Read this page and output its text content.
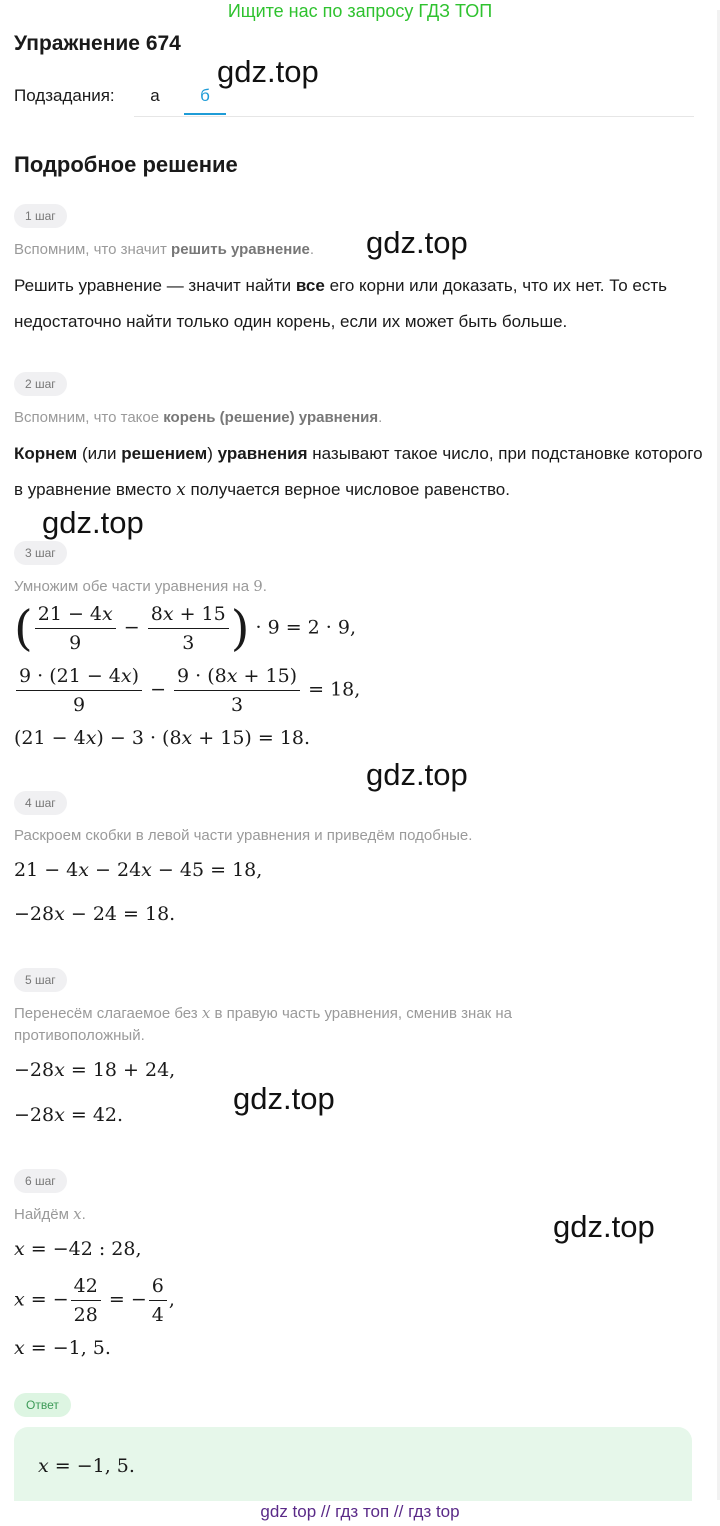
Ищите нас по запросу ГДЗ ТОП
Упражнение 674
Подзадания:	а	б
Подробное решение
1 шаг
Вспомним, что значит решить уравнение.
Решить уравнение — значит найти все его корни или доказать, что их нет. То есть недостаточно найти только один корень, если их может быть больше.
2 шаг
Вспомним, что такое корень (решение) уравнения.
Корнем (или решением) уравнения называют такое число, при подстановке которого в уравнение вместо x получается верное числовое равенство.
3 шаг
Умножим обе части уравнения на 9.
( $\frac{21 - 4x}{9} - \frac{8x + 15}{3}$ ) · 9 = 2 · 9,
$\frac{9 \cdot (21 - 4x)}{9} - \frac{9 \cdot (8x + 15)}{3} = 18$,
(21 − 4x) − 3 · (8x + 15) = 18.
4 шаг
Раскроем скобки в левой части уравнения и приведём подобные.
21 − 4x − 24x − 45 = 18,
−28x − 24 = 18.
5 шаг
Перенесём слагаемое без x в правую часть уравнения, сменив знак на противоположный.
−28x = 18 + 24,
−28x = 42.
6 шаг
Найдём x.
x = −42 : 28,
x = − $\frac{42}{28}$ = − $\frac{6}{4}$ ,
x = −1, 5.
Ответ
x = −1, 5.
gdz.top
gdz.top
gdz.top
gdz.top
gdz.top
gdz.top
gdz top // гдз топ // гдз top
